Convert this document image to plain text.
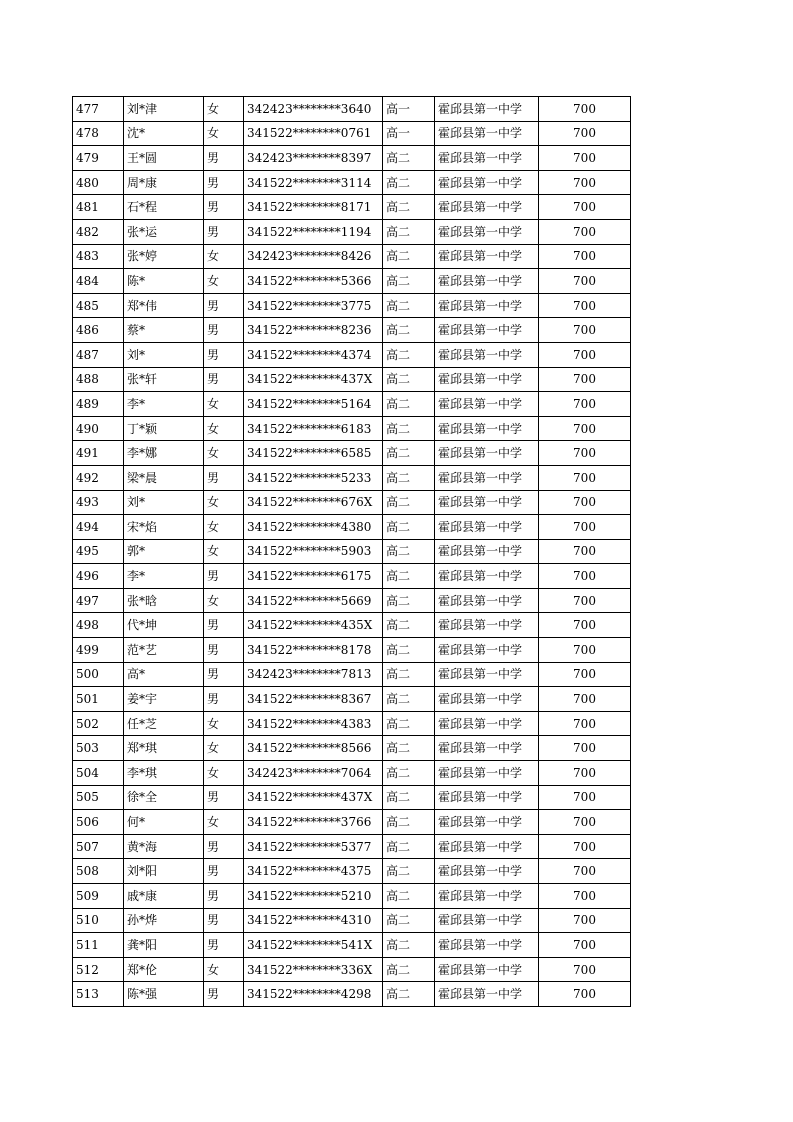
477	刘*津	女	342423********3640	高一	霍邱县第一中学	700
478	沈*	女	341522********0761	高一	霍邱县第一中学	700
479	王*圆	男	342423********8397	高二	霍邱县第一中学	700
480	周*康	男	341522********3114	高二	霍邱县第一中学	700
481	石*程	男	341522********8171	高二	霍邱县第一中学	700
482	张*运	男	341522********1194	高二	霍邱县第一中学	700
483	张*婷	女	342423********8426	高二	霍邱县第一中学	700
484	陈*	女	341522********5366	高二	霍邱县第一中学	700
485	郑*伟	男	341522********3775	高二	霍邱县第一中学	700
486	蔡*	男	341522********8236	高二	霍邱县第一中学	700
487	刘*	男	341522********4374	高二	霍邱县第一中学	700
488	张*轩	男	341522********437X	高二	霍邱县第一中学	700
489	李*	女	341522********5164	高二	霍邱县第一中学	700
490	丁*颖	女	341522********6183	高二	霍邱县第一中学	700
491	李*娜	女	341522********6585	高二	霍邱县第一中学	700
492	梁*晨	男	341522********5233	高二	霍邱县第一中学	700
493	刘*	女	341522********676X	高二	霍邱县第一中学	700
494	宋*焰	女	341522********4380	高二	霍邱县第一中学	700
495	郭*	女	341522********5903	高二	霍邱县第一中学	700
496	李*	男	341522********6175	高二	霍邱县第一中学	700
497	张*晗	女	341522********5669	高二	霍邱县第一中学	700
498	代*坤	男	341522********435X	高二	霍邱县第一中学	700
499	范*艺	男	341522********8178	高二	霍邱县第一中学	700
500	高*	男	342423********7813	高二	霍邱县第一中学	700
501	姜*宇	男	341522********8367	高二	霍邱县第一中学	700
502	任*芝	女	341522********4383	高二	霍邱县第一中学	700
503	郑*琪	女	341522********8566	高二	霍邱县第一中学	700
504	李*琪	女	342423********7064	高二	霍邱县第一中学	700
505	徐*全	男	341522********437X	高二	霍邱县第一中学	700
506	何*	女	341522********3766	高二	霍邱县第一中学	700
507	黄*海	男	341522********5377	高二	霍邱县第一中学	700
508	刘*阳	男	341522********4375	高二	霍邱县第一中学	700
509	戚*康	男	341522********5210	高二	霍邱县第一中学	700
510	孙*烨	男	341522********4310	高二	霍邱县第一中学	700
511	龚*阳	男	341522********541X	高二	霍邱县第一中学	700
512	郑*伦	女	341522********336X	高二	霍邱县第一中学	700
513	陈*强	男	341522********4298	高二	霍邱县第一中学	700
